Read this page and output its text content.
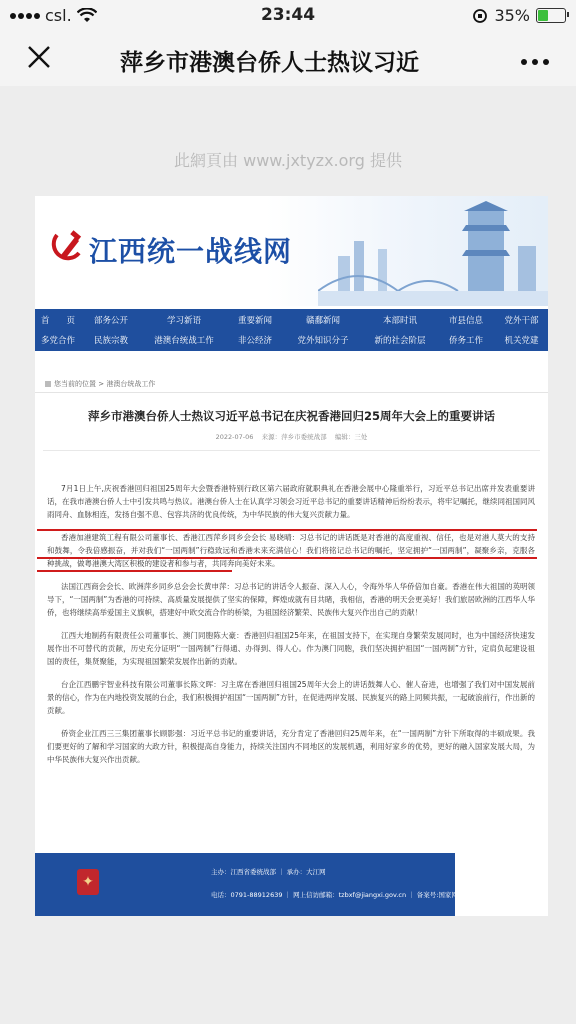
csl.	23:44	35%
萍乡市港澳台侨人士热议习近
此網頁由 www.jxtyzx.org 提供
江西统一战线网
首　　页	部务公开	学习新语	重要新闻	赣鄱新闻	本部时讯	市县信息	党外干部
多党合作	民族宗教	港澳台统战工作	非公经济	党外知识分子	新的社会阶层	侨务工作	机关党建
您当前的位置 > 港澳台统战工作
萍乡市港澳台侨人士热议习近平总书记在庆祝香港回归25周年大会上的重要讲话
2022-07-06 来源：萍乡市委统战部 编辑：三处

7月1日上午,庆祝香港回归祖国25周年大会暨香港特别行政区第六届政府就职典礼在香港会展中心隆重举行，习近平总书记出席并发表重要讲话，在我市港澳台侨人士中引发共鸣与热议。港澳台侨人士在认真学习领会习近平总书记的重要讲话精神后纷纷表示，将牢记嘱托，继续同祖国同风雨同舟、血脉相连，发扬自强不息、包容共济的优良传统，为中华民族的伟大复兴贡献力量。

香港加港建筑工程有限公司董事长、香港江西萍乡同乡会会长 易晓晴：习总书记的讲话既是对香港的高度重视、信任，也是对港人莫大的支持和鼓舞，令我倍感振奋，并对我们“一国两制”行稳致远和香港未来充满信心！我们将铭记总书记的嘱托，坚定拥护“一国两制”，凝聚乡亲，克服各种挑战，做粤港澳大湾区积极的建设者和参与者，共同奔向美好未来。

法国江西商会会长、欧洲萍乡同乡总会会长黄申萍：习总书记的讲话令人振奋、深入人心，令海外华人华侨倍加自豪。香港在伟大祖国的英明领导下，“一国两制”为香港的可持续、高质量发展提供了坚实的保障，辉煌成就有目共睹，我相信，香港的明天会更美好！我们旅居欧洲的江西华人华侨，也将继续高举爱国主义旗帜，搭建好中欧交流合作的桥梁，为祖国经济繁荣、民族伟大复兴作出自己的贡献！

江西大地制药有限责任公司董事长、澳门同胞陈大豪：香港回归祖国25年来，在祖国支持下，在实现自身繁荣发展同时，也为中国经济快速发展作出不可替代的贡献，历史充分证明“一国两制”行得通、办得到、得人心。作为澳门同胞，我们坚决拥护祖国“一国两制”方针，定肩负起建设祖国的责任，集贤聚能，为实现祖国繁荣发展作出新的贡献。

台企江西鹏宇智业科技有限公司董事长陈文晖：习主席在香港回归祖国25周年大会上的讲话鼓舞人心、催人奋进，也增强了我们对中国发展前景的信心，作为在内地投资发展的台企，我们积极拥护祖国“一国两制”方针，在促进两岸发展、民族复兴的路上同频共振，一起破浪前行，作出新的贡献。

侨资企业江西三三集团董事长顾影强：习近平总书记的重要讲话，充分肯定了香港回归25周年来，在“一国两制”方针下所取得的丰硕成果。我们要更好的了解和学习国家的大政方针，积极提高自身能力，持续关注国内不同地区的发展机遇，利用好家乡的优势，更好的融入国家发展大局，为中华民族伟大复兴作出贡献。

✦
主办：江西省委统战部 ｜ 承办：大江网
电话：0791-88912639 ｜ 网上信访邮箱：tzbxf@jiangxi.gov.cn ｜ 备案号:国家网警
